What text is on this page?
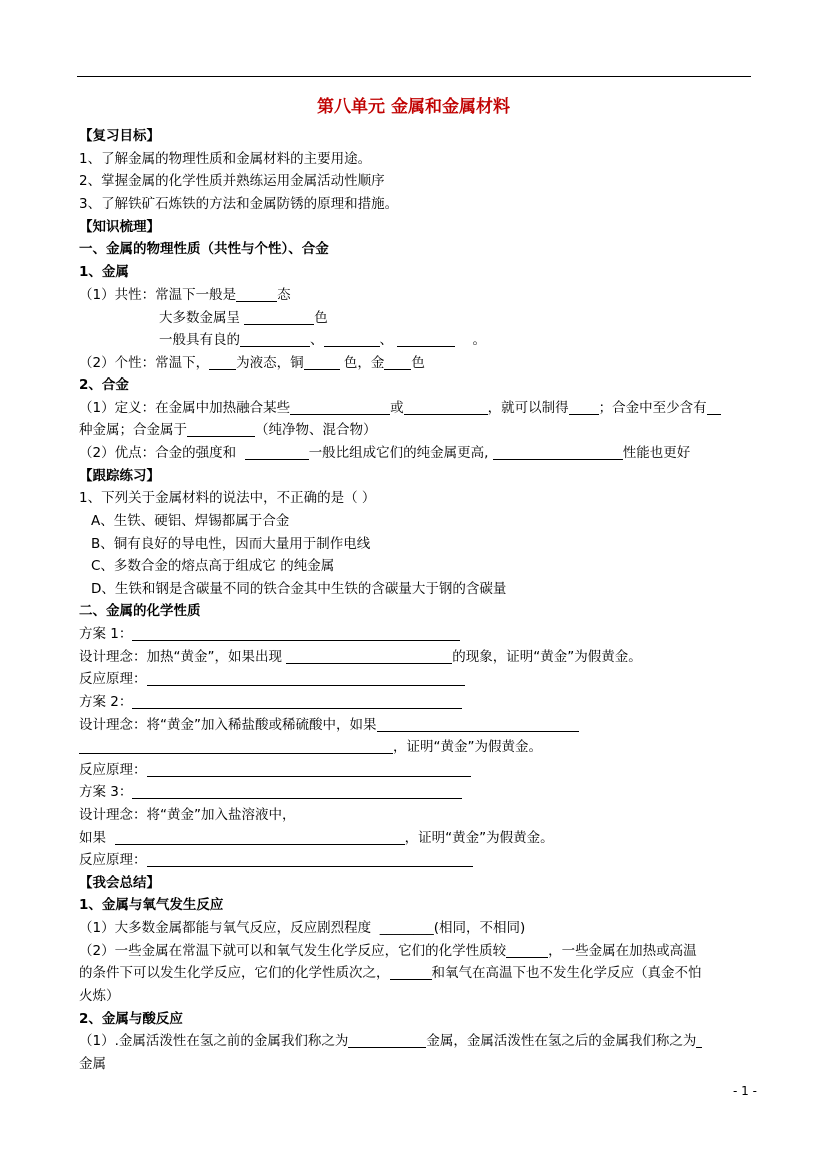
第八单元 金属和金属材料
【复习目标】
1、了解金属的物理性质和金属材料的主要用途。
2、掌握金属的化学性质并熟练运用金属活动性顺序
3、了解铁矿石炼铁的方法和金属防锈的原理和措施。
【知识梳理】
一、金属的物理性质（共性与个性）、合金
1、金属
（1）共性：常温下一般是	态
大多数金属呈	色
一般具有良的	、	、	。
（2）个性：常温下， 为液态，铜	色，金 色
2、合金
（1）定义：在金属中加热融合某些	或	，就可以制得 ；合金中至少含有
种金属；合金属于	（纯净物、混合物）
（2）优点：合金的强度和	一般比组成它们的纯金属更高,	性能也更好
【跟踪练习】
1、下列关于金属材料的说法中，不正确的是（ ）
A、生铁、硬铝、焊锡都属于合金
B、铜有良好的导电性，因而大量用于制作电线
C、多数合金的熔点高于组成它 的纯金属
D、生铁和钢是含碳量不同的铁合金其中生铁的含碳量大于钢的含碳量
二、金属的化学性质
方案 1：
设计理念：加热“黄金”，如果出现	的现象，证明“黄金”为假黄金。
反应原理：
方案 2：
设计理念：将“黄金”加入稀盐酸或稀硫酸中，如果
，证明“黄金”为假黄金。
反应原理：
方案 3：
设计理念：将“黄金”加入盐溶液中，
如果	，证明“黄金”为假黄金。
反应原理：
【我会总结】
1、金属与氧气发生反应
（1）大多数金属都能与氧气反应，反应剧烈程度 ________(相同，不相同)
（2）一些金属在常温下就可以和氧气发生化学反应，它们的化学性质较	，一些金属在加热或高温
的条件下可以发生化学反应，它们的化学性质次之，	和氧气在高温下也不发生化学反应（真金不怕
火炼）
2、金属与酸反应
（1）.金属活泼性在氢之前的金属我们称之为	金属，金属活泼性在氢之后的金属我们称之为
金属
- 1 -
